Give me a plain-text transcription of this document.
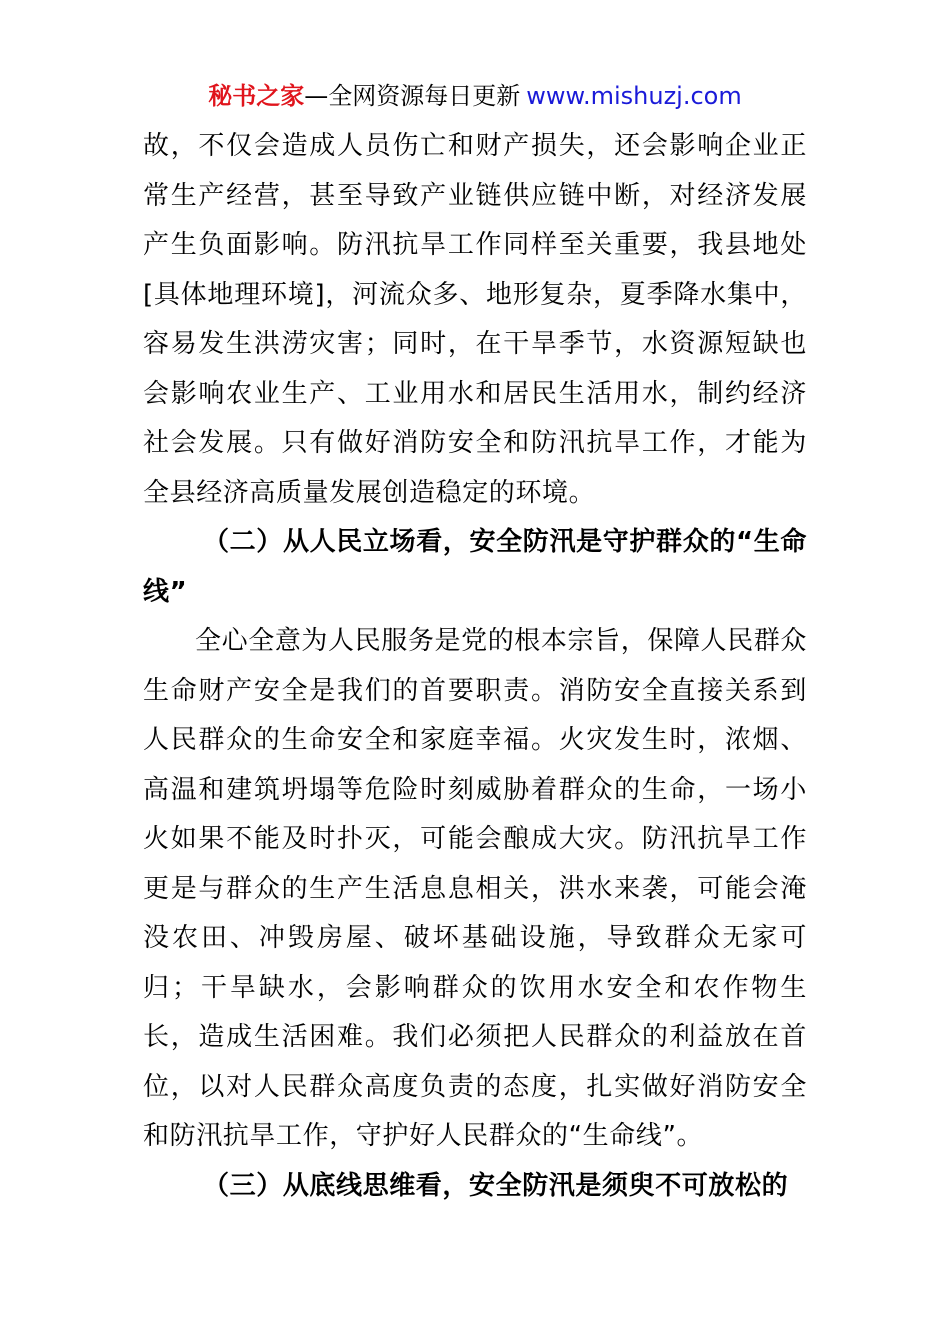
秘书之家—全网资源每日更新 www.mishuzj.com

故，不仅会造成人员伤亡和财产损失，还会影响企业正常生产经营，甚至导致产业链供应链中断，对经济发展产生负面影响。防汛抗旱工作同样至关重要，我县地处[具体地理环境]，河流众多、地形复杂，夏季降水集中，容易发生洪涝灾害；同时，在干旱季节，水资源短缺也会影响农业生产、工业用水和居民生活用水，制约经济社会发展。只有做好消防安全和防汛抗旱工作，才能为全县经济高质量发展创造稳定的环境。

（二）从人民立场看，安全防汛是守护群众的“生命线”

全心全意为人民服务是党的根本宗旨，保障人民群众生命财产安全是我们的首要职责。消防安全直接关系到人民群众的生命安全和家庭幸福。火灾发生时，浓烟、高温和建筑坍塌等危险时刻威胁着群众的生命，一场小火如果不能及时扑灭，可能会酿成大灾。防汛抗旱工作更是与群众的生产生活息息相关，洪水来袭，可能会淹没农田、冲毁房屋、破坏基础设施，导致群众无家可归；干旱缺水，会影响群众的饮用水安全和农作物生长，造成生活困难。我们必须把人民群众的利益放在首位，以对人民群众高度负责的态度，扎实做好消防安全和防汛抗旱工作，守护好人民群众的“生命线”。

（三）从底线思维看，安全防汛是须臾不可放松的
